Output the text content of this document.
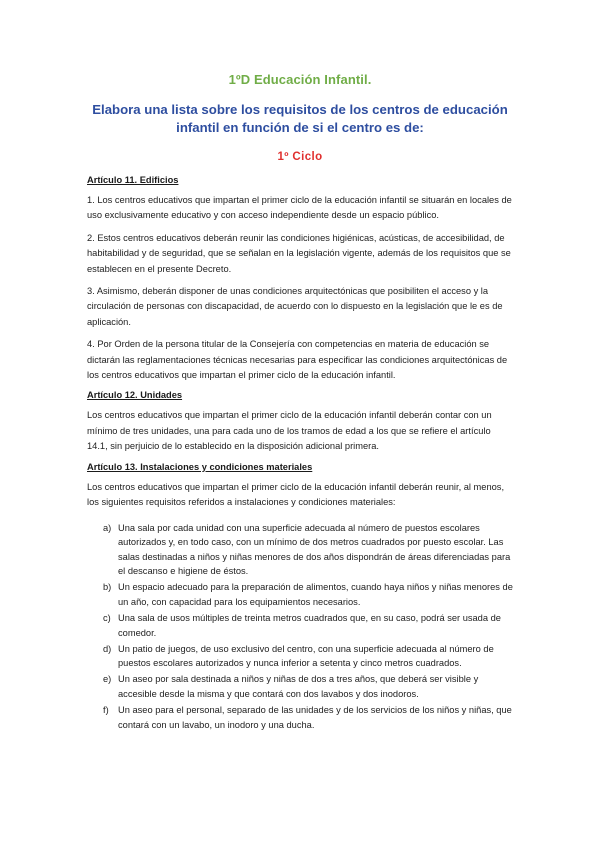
1ºD Educación Infantil.
Elabora una lista sobre los requisitos de los centros de educación infantil en función de si el centro es de:
1º Ciclo
Artículo 11. Edificios

1. Los centros educativos que impartan el primer ciclo de la educación infantil se situarán en locales de uso exclusivamente educativo y con acceso independiente desde un espacio público.

2. Estos centros educativos deberán reunir las condiciones higiénicas, acústicas, de accesibilidad, de habitabilidad y de seguridad, que se señalan en la legislación vigente, además de los requisitos que se establecen en el presente Decreto.

3. Asimismo, deberán disponer de unas condiciones arquitectónicas que posibiliten el acceso y la circulación de personas con discapacidad, de acuerdo con lo dispuesto en la legislación que le es de aplicación.

4. Por Orden de la persona titular de la Consejería con competencias en materia de educación se dictarán las reglamentaciones técnicas necesarias para especificar las condiciones arquitectónicas de los centros educativos que impartan el primer ciclo de la educación infantil.

Artículo 12. Unidades

Los centros educativos que impartan el primer ciclo de la educación infantil deberán contar con un mínimo de tres unidades, una para cada uno de los tramos de edad a los que se refiere el artículo 14.1, sin perjuicio de lo establecido en la disposición adicional primera.

Artículo 13. Instalaciones y condiciones materiales

Los centros educativos que impartan el primer ciclo de la educación infantil deberán reunir, al menos, los siguientes requisitos referidos a instalaciones y condiciones materiales:

a) Una sala por cada unidad con una superficie adecuada al número de puestos escolares autorizados y, en todo caso, con un mínimo de dos metros cuadrados por puesto escolar. Las salas destinadas a niños y niñas menores de dos años dispondrán de áreas diferenciadas para el descanso e higiene de éstos.
b) Un espacio adecuado para la preparación de alimentos, cuando haya niños y niñas menores de un año, con capacidad para los equipamientos necesarios.
c) Una sala de usos múltiples de treinta metros cuadrados que, en su caso, podrá ser usada de comedor.
d) Un patio de juegos, de uso exclusivo del centro, con una superficie adecuada al número de puestos escolares autorizados y nunca inferior a setenta y cinco metros cuadrados.
e) Un aseo por sala destinada a niños y niñas de dos a tres años, que deberá ser visible y accesible desde la misma y que contará con dos lavabos y dos inodoros.
f)	Un aseo para el personal, separado de las unidades y de los servicios de los niños y niñas, que contará con un lavabo, un inodoro y una ducha.
